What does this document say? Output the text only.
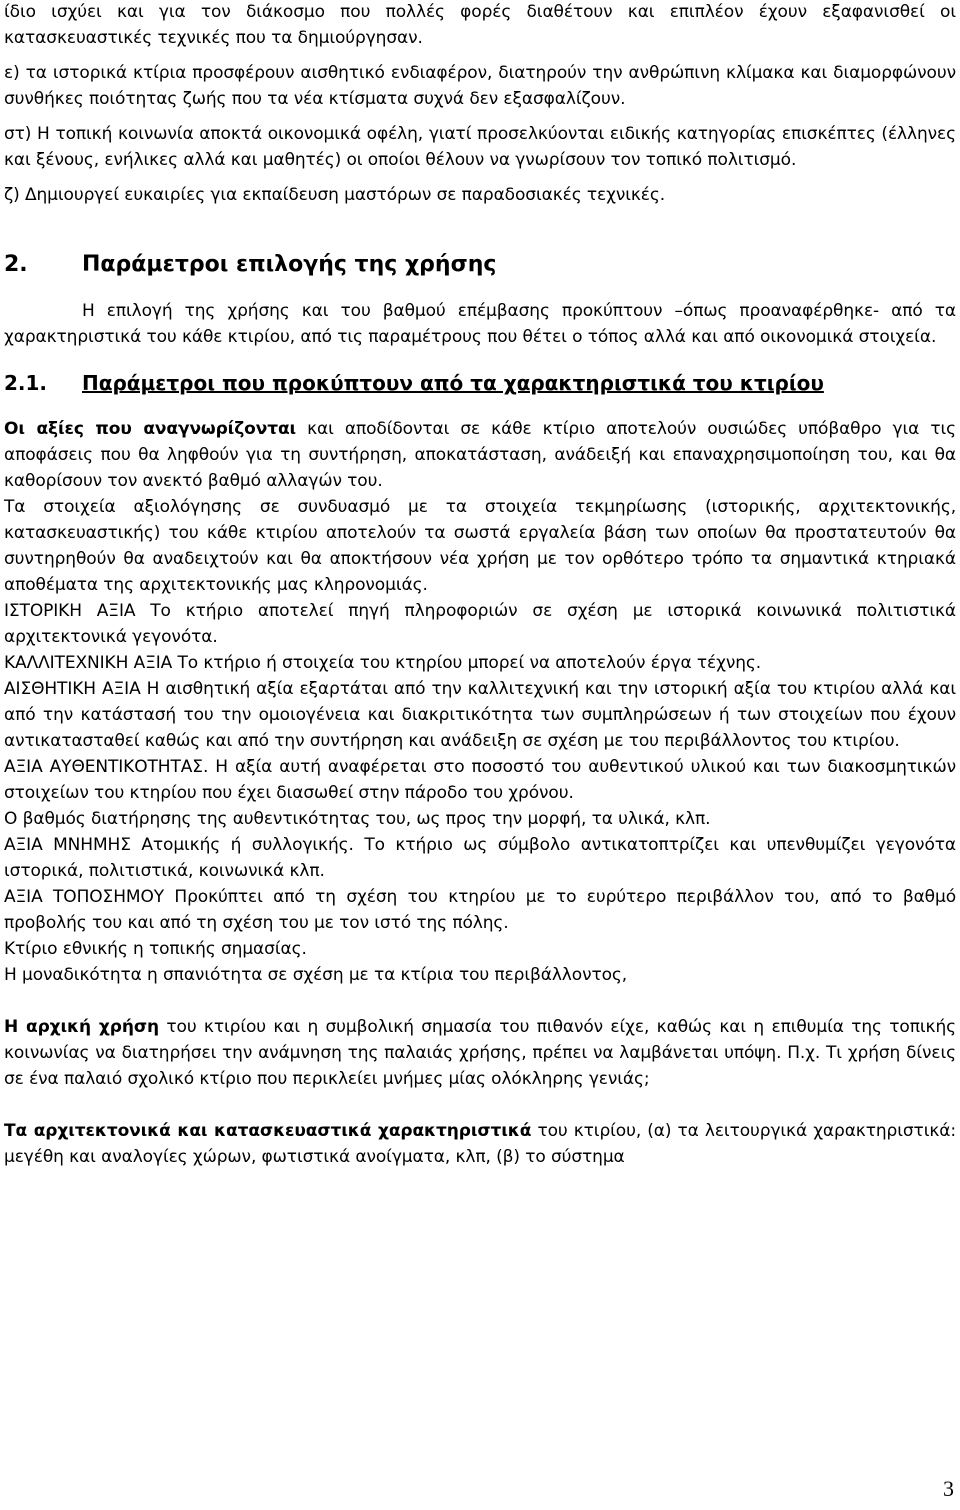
ίδιο ισχύει και για τον διάκοσμο που πολλές φορές διαθέτουν και επιπλέον έχουν εξαφανισθεί οι κατασκευαστικές τεχνικές που τα δημιούργησαν.

ε) τα ιστορικά κτίρια προσφέρουν αισθητικό ενδιαφέρον, διατηρούν την ανθρώπινη κλίμακα και διαμορφώνουν συνθήκες ποιότητας ζωής που τα νέα κτίσματα συχνά δεν εξασφαλίζουν.

στ) Η τοπική κοινωνία αποκτά οικονομικά οφέλη, γιατί προσελκύονται ειδικής κατηγορίας επισκέπτες (έλληνες και ξένους, ενήλικες αλλά και μαθητές) οι οποίοι θέλουν να γνωρίσουν τον τοπικό πολιτισμό.

ζ) Δημιουργεί ευκαιρίες για εκπαίδευση μαστόρων σε παραδοσιακές τεχνικές.

2.	Παράμετροι επιλογής της χρήσης

Η επιλογή της χρήσης και του βαθμού επέμβασης προκύπτουν –όπως προαναφέρθηκε- από τα χαρακτηριστικά του κάθε κτιρίου, από τις παραμέτρους που θέτει ο τόπος αλλά και από οικονομικά στοιχεία.

2.1.	Παράμετροι που προκύπτουν από τα χαρακτηριστικά του κτιρίου

Οι αξίες που αναγνωρίζονται και αποδίδονται σε κάθε κτίριο αποτελούν ουσιώδες υπόβαθρο για τις αποφάσεις που θα ληφθούν για τη συντήρηση, αποκατάσταση, ανάδειξή και επαναχρησιμοποίηση του, και θα καθορίσουν τον ανεκτό βαθμό αλλαγών του.

Τα στοιχεία αξιολόγησης σε συνδυασμό με τα στοιχεία τεκμηρίωσης (ιστορικής, αρχιτεκτονικής, κατασκευαστικής) του κάθε κτιρίου αποτελούν τα σωστά εργαλεία βάση των οποίων θα προστατευτούν θα συντηρηθούν θα αναδειχτούν και θα αποκτήσουν νέα χρήση με τον ορθότερο τρόπο τα σημαντικά κτηριακά αποθέματα της αρχιτεκτονικής μας κληρονομιάς.

ΙΣΤΟΡΙΚΗ ΑΞΙΑ Το κτήριο αποτελεί πηγή πληροφοριών σε σχέση με ιστορικά κοινωνικά πολιτιστικά αρχιτεκτονικά γεγονότα.

ΚΑΛΛΙΤΕΧΝΙΚΗ ΑΞΙΑ Το κτήριο ή στοιχεία του κτηρίου μπορεί να αποτελούν έργα τέχνης.

ΑΙΣΘΗΤΙΚΗ ΑΞΙΑ Η αισθητική αξία εξαρτάται από την καλλιτεχνική και την ιστορική αξία του κτιρίου αλλά και από την κατάστασή του την ομοιογένεια και διακριτικότητα των συμπληρώσεων ή των στοιχείων που έχουν αντικατασταθεί καθώς και από την συντήρηση και ανάδειξη σε σχέση με του περιβάλλοντος του κτιρίου.

ΑΞΙΑ ΑΥΘΕΝΤΙΚΟΤΗΤΑΣ. Η αξία αυτή αναφέρεται στο ποσοστό του αυθεντικού υλικού και των διακοσμητικών στοιχείων του κτηρίου που έχει διασωθεί στην πάροδο του χρόνου.

Ο βαθμός διατήρησης της αυθεντικότητας του, ως προς την μορφή, τα υλικά, κλπ.

ΑΞΙΑ ΜΝΗΜΗΣ Ατομικής ή συλλογικής. Το κτήριο ως σύμβολο αντικατοπτρίζει και υπενθυμίζει γεγονότα ιστορικά, πολιτιστικά, κοινωνικά κλπ.

ΑΞΙΑ ΤΟΠΟΣΗΜΟΥ Προκύπτει από τη σχέση του κτηρίου με το ευρύτερο περιβάλλον του, από το βαθμό προβολής του και από τη σχέση του με τον ιστό της πόλης.

Κτίριο εθνικής η τοπικής σημασίας.

Η μοναδικότητα η σπανιότητα σε σχέση με τα κτίρια του περιβάλλοντος,

Η αρχική χρήση του κτιρίου και η συμβολική σημασία του πιθανόν είχε, καθώς και η επιθυμία της τοπικής κοινωνίας να διατηρήσει την ανάμνηση της παλαιάς χρήσης, πρέπει να λαμβάνεται υπόψη. Π.χ. Τι χρήση δίνεις σε ένα παλαιό σχολικό κτίριο που περικλείει μνήμες μίας ολόκληρης γενιάς;

Τα αρχιτεκτονικά και κατασκευαστικά χαρακτηριστικά του κτιρίου, (α) τα λειτουργικά χαρακτηριστικά: μεγέθη και αναλογίες χώρων, φωτιστικά ανοίγματα, κλπ, (β) το σύστημα

3
